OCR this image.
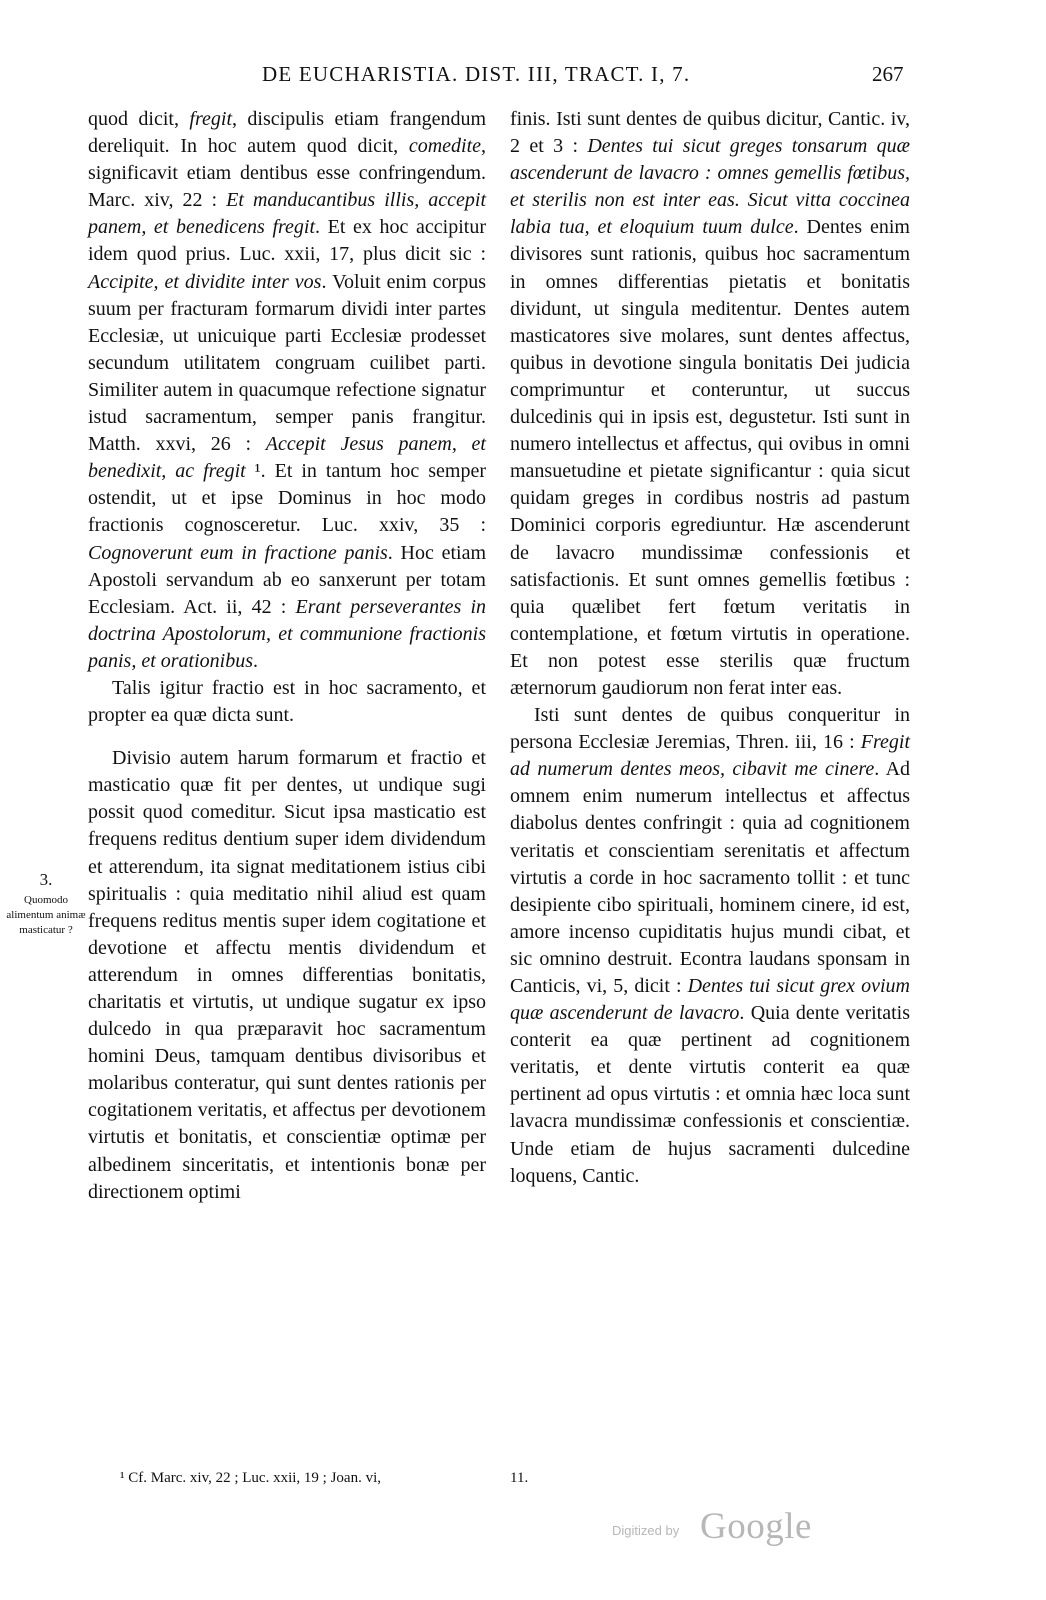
DE EUCHARISTIA. DIST. III, TRACT. I, 7.	267

quod dicit, fregit, discipulis etiam frangendum dereliquit. In hoc autem quod dicit, comedite, significavit etiam dentibus esse confringendum. Marc. xiv, 22 : Et manducantibus illis, accepit panem, et benedicens fregit. Et ex hoc accipitur idem quod prius. Luc. xxii, 17, plus dicit sic : Accipite, et dividite inter vos. Voluit enim corpus suum per fracturam formarum dividi inter partes Ecclesiæ, ut unicuique parti Ecclesiæ prodesset secundum utilitatem congruam cuilibet parti. Similiter autem in quacumque refectione signatur istud sacramentum, semper panis frangitur. Matth. xxvi, 26 : Accepit Jesus panem, et benedixit, ac fregit ¹. Et in tantum hoc semper ostendit, ut et ipse Dominus in hoc modo fractionis cognosceretur. Luc. xxiv, 35 : Cognoverunt eum in fractione panis. Hoc etiam Apostoli servandum ab eo sanxerunt per totam Ecclesiam. Act. ii, 42 : Erant perseverantes in doctrina Apostolorum, et communione fractionis panis, et orationibus.

Talis igitur fractio est in hoc sacramento, et propter ea quæ dicta sunt.

Divisio autem harum formarum et fractio et masticatio quæ fit per dentes, ut undique sugi possit quod comeditur. Sicut ipsa masticatio est frequens reditus dentium super idem dividendum et atterendum, ita signat meditationem istius cibi spiritualis : quia meditatio nihil aliud est quam frequens reditus mentis super idem cogitatione et devotione et affectu mentis dividendum et atterendum in omnes differentias bonitatis, charitatis et virtutis, ut undique sugatur ex ipso dulcedo in qua præparavit hoc sacramentum homini Deus, tamquam dentibus divisoribus et molaribus conteratur, qui sunt dentes rationis per cogitationem veritatis, et affectus per devotionem virtutis et bonitatis, et conscientiæ optimæ per albedinem sinceritatis, et intentionis bonæ per directionem optimi

finis. Isti sunt dentes de quibus dicitur, Cantic. iv, 2 et 3 : Dentes tui sicut greges tonsarum quæ ascenderunt de lavacro : omnes gemellis fœtibus, et sterilis non est inter eas. Sicut vitta coccinea labia tua, et eloquium tuum dulce. Dentes enim divisores sunt rationis, quibus hoc sacramentum in omnes differentias pietatis et bonitatis dividunt, ut singula meditentur. Dentes autem masticatores sive molares, sunt dentes affectus, quibus in devotione singula bonitatis Dei judicia comprimuntur et conteruntur, ut succus dulcedinis qui in ipsis est, degustetur. Isti sunt in numero intellectus et affectus, qui ovibus in omni mansuetudine et pietate significantur : quia sicut quidam greges in cordibus nostris ad pastum Dominici corporis egrediuntur. Hæ ascenderunt de lavacro mundissimæ confessionis et satisfactionis. Et sunt omnes gemellis fœtibus : quia quælibet fert fœtum veritatis in contemplatione, et fœtum virtutis in operatione. Et non potest esse sterilis quæ fructum æternorum gaudiorum non ferat inter eas.

Isti sunt dentes de quibus conqueritur in persona Ecclesiæ Jeremias, Thren. iii, 16 : Fregit ad numerum dentes meos, cibavit me cinere. Ad omnem enim numerum intellectus et affectus diabolus dentes confringit : quia ad cognitionem veritatis et conscientiam serenitatis et affectum virtutis a corde in hoc sacramento tollit : et tunc desipiente cibo spirituali, hominem cinere, id est, amore incenso cupiditatis hujus mundi cibat, et sic omnino destruit. Econtra laudans sponsam in Canticis, vi, 5, dicit : Dentes tui sicut grex ovium quæ ascenderunt de lavacro. Quia dente veritatis conterit ea quæ pertinent ad cognitionem veritatis, et dente virtutis conterit ea quæ pertinent ad opus virtutis : et omnia hæc loca sunt lavacra mundissimæ confessionis et conscientiæ. Unde etiam de hujus sacramenti dulcedine loquens, Cantic.

3.
Quomodo alimentum animæ masticatur ?
¹ Cf. Marc. xiv, 22 ; Luc. xxii, 19 ; Joan. vi,	11.
Digitized by Google
